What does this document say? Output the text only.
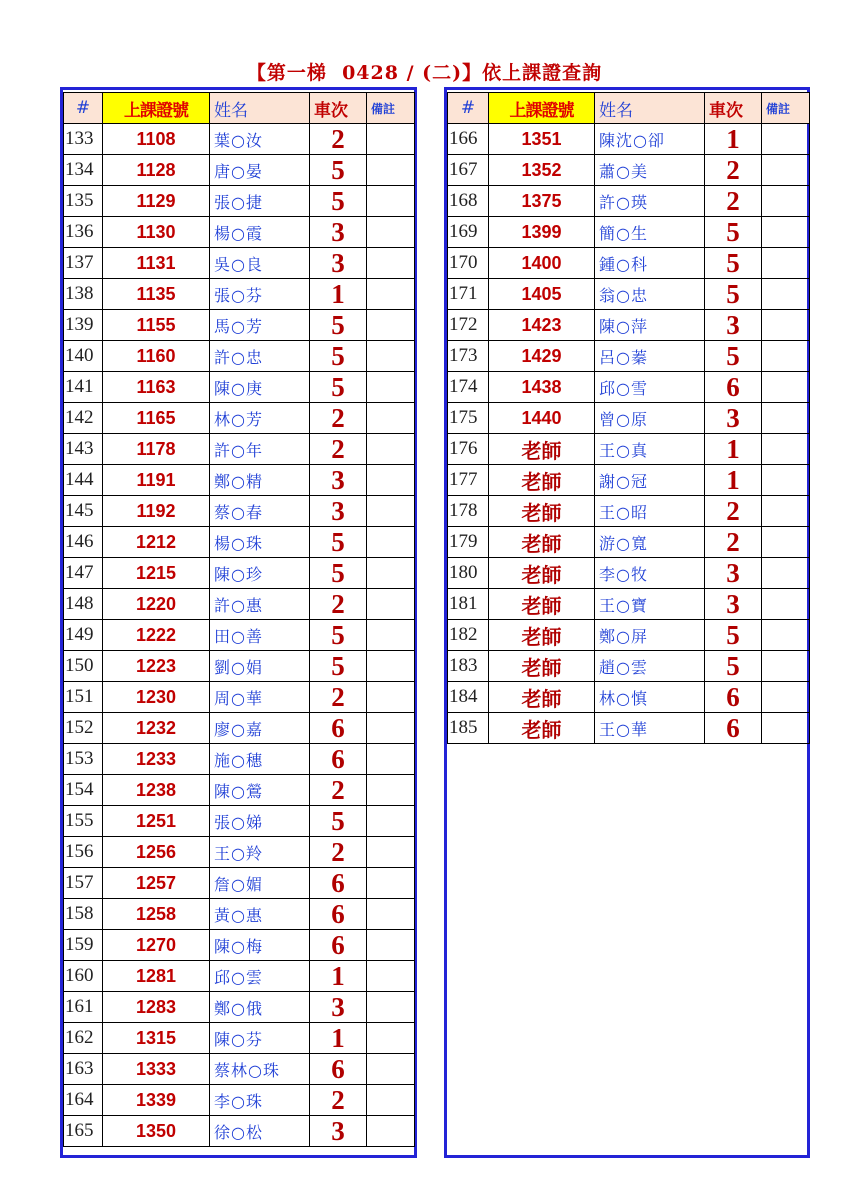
【第一梯  0428 / (二)】依上課證查詢
#	上課證號	姓名	車次	備註
133	1108	葉○汝	2	
134	1128	唐○晏	5	
135	1129	張○捷	5	
136	1130	楊○霞	3	
137	1131	吳○良	3	
138	1135	張○芬	1	
139	1155	馬○芳	5	
140	1160	許○忠	5	
141	1163	陳○庚	5	
142	1165	林○芳	2	
143	1178	許○年	2	
144	1191	鄭○精	3	
145	1192	蔡○春	3	
146	1212	楊○珠	5	
147	1215	陳○珍	5	
148	1220	許○惠	2	
149	1222	田○善	5	
150	1223	劉○娟	5	
151	1230	周○華	2	
152	1232	廖○嘉	6	
153	1233	施○穗	6	
154	1238	陳○鶯	2	
155	1251	張○娣	5	
156	1256	王○羚	2	
157	1257	詹○媚	6	
158	1258	黃○惠	6	
159	1270	陳○梅	6	
160	1281	邱○雲	1	
161	1283	鄭○俄	3	
162	1315	陳○芬	1	
163	1333	蔡林○珠	6	
164	1339	李○珠	2	
165	1350	徐○松	3	
#	上課證號	姓名	車次	備註
166	1351	陳沈○卻	1	
167	1352	蕭○美	2	
168	1375	許○瑛	2	
169	1399	簡○生	5	
170	1400	鍾○科	5	
171	1405	翁○忠	5	
172	1423	陳○萍	3	
173	1429	呂○蓁	5	
174	1438	邱○雪	6	
175	1440	曾○原	3	
176	老師	王○真	1	
177	老師	謝○冠	1	
178	老師	王○昭	2	
179	老師	游○寬	2	
180	老師	李○牧	3	
181	老師	王○寶	3	
182	老師	鄭○屏	5	
183	老師	趙○雲	5	
184	老師	林○慎	6	
185	老師	王○華	6	
